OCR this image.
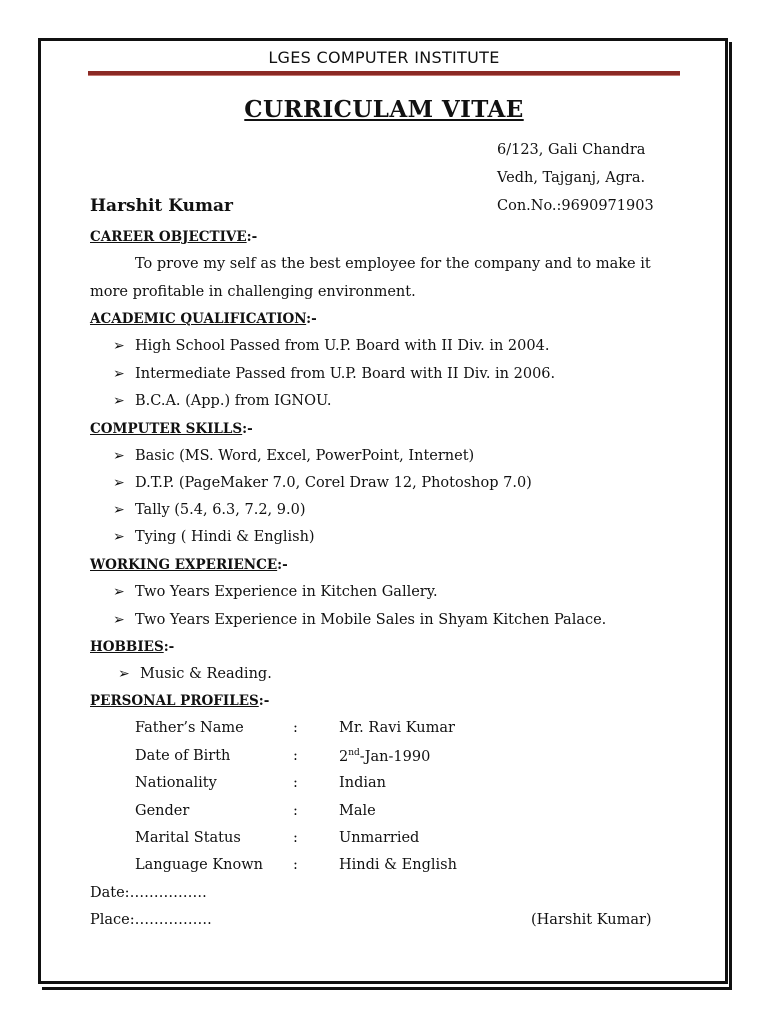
LGES COMPUTER INSTITUTE
CURRICULAM VITAE
6/123, Gali Chandra
Vedh, Tajganj, Agra.
Con.No.:9690971903
Harshit Kumar
CAREER OBJECTIVE:-
To prove my self as the best employee for the company and to make it
more profitable in challenging environment.
ACADEMIC QUALIFICATION:-
➢ High School Passed from U.P. Board with II Div. in 2004.
➢ Intermediate Passed from U.P. Board with II Div. in 2006.
➢ B.C.A. (App.) from IGNOU.
COMPUTER SKILLS:-
➢ Basic (MS. Word, Excel, PowerPoint, Internet)
➢ D.T.P. (PageMaker 7.0, Corel Draw 12, Photoshop 7.0)
➢ Tally (5.4, 6.3, 7.2, 9.0)
➢ Tying ( Hindi & English)
WORKING EXPERIENCE:-
➢ Two Years Experience in Kitchen Gallery.
➢ Two Years Experience in Mobile Sales in Shyam Kitchen Palace.
HOBBIES:-
➢ Music & Reading.
PERSONAL PROFILES:-
Father’s Name	:	Mr. Ravi Kumar
Date of Birth	:	2nd-Jan-1990
Nationality	:	Indian
Gender	:	Male
Marital Status	:	Unmarried
Language Known :	Hindi & English
Date:…………….
Place:…………….	(Harshit Kumar)
